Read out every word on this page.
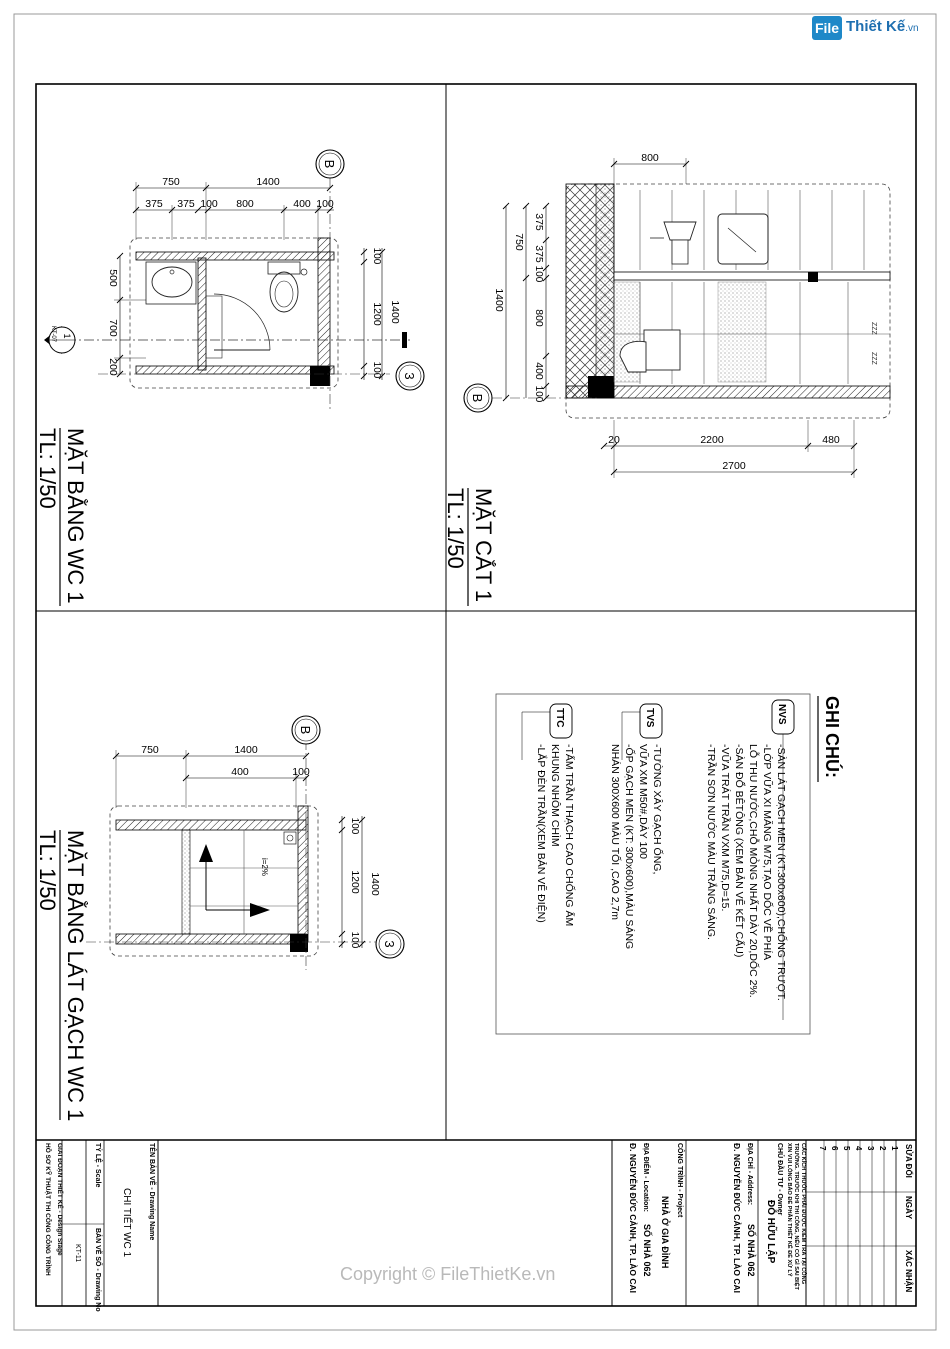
B
3
1
KT-07
750	1400
375 375 100 800	400 100
500
700
200
100
1200
100
1400
MẶT BẰNG WC 1
TL: 1/50
ZZZ
ZZZ
800
375
375
100
800
400
100
750
1400
B
20	2200	480
2700
MẶT CẮT 1
TL: 1/50
i=2%
B
3
750	1400
400	100
100
1200
100
1400
MẶT BẰNG LÁT GẠCH WC 1
TL: 1/50
GHI CHÚ:
NVS
-SÀN LÁT GẠCH MEN (KT:300x600),CHỐNG TRƯỢT.
-LỚP VỮA XI MĂNG M75,TẠO DỐC VỀ PHÍA
LỖ THU NƯỚC,CHỖ MỎNG NHẤT DÀY 20,DỐC 2%.
-SÀN ĐỔ BÊTÔNG (XEM BẢN VẼ KẾT CẤU)
-VỮA TRÁT TRẦN VXM M75,D=15.
-TRẦN SƠN NƯỚC MÀU TRẮNG SÁNG.
TVS
-TƯỜNG XÂY GẠCH ỐNG,
VỮA XM M50#,DÀY 100
-ỐP GẠCH MEN (KT: 300x600),MÀU SÁNG
NHÁN 300X600 MÀU TỐI ,CAO 2,7m
TTC
-TẤM TRẦN THẠCH CAO CHỐNG ẨM
KHUNG NHÔM CHÌM
-LẮP ĐÈN TRẦN(XEM BẢN VẼ ĐIỆN)
SỬA ĐỔI
NGÀY
XÁC NHẬN
1
2
3
4
5
6
7
CÁC KÍCH THƯỚC PHẢI ĐƯỢC KIỂM TRA TẠI CÔNG
TRƯỜNG. TRƯỚC KHI THI CÔNG, NẾU CÓ GÌ SAI BIỆT
XIN VUI LÒNG BÁO ĐỂ PHÂN THIẾT KẾ ĐỂ XỬ LÝ
CHỦ ĐẦU TƯ - Owner
ĐỖ HỮU LẬP
ĐỊA CHỈ - Address:
SỐ NHÀ 062
Đ. NGUYỄN ĐỨC CẢNH, TP. LÀO CAI
CÔNG TRÌNH - Project
NHÀ Ở GIA ĐÌNH
ĐỊA ĐIỂM - Location:
SỐ NHÀ 062
Đ. NGUYỄN ĐỨC CẢNH, TP. LÀO CAI
TÊN BẢN VẼ - Drawing Name
CHI TIẾT WC 1
TỶ LỆ - Scale
BẢN VẼ SỐ - Drawing No
KT-11
GIAI ĐOẠN THIẾT KẾ - Design Stage
HỒ SƠ KỸ THUẬT THI CÔNG CÔNG TRÌNH
File Thiết Kế.vn
Copyright © FileThietKe.vn
